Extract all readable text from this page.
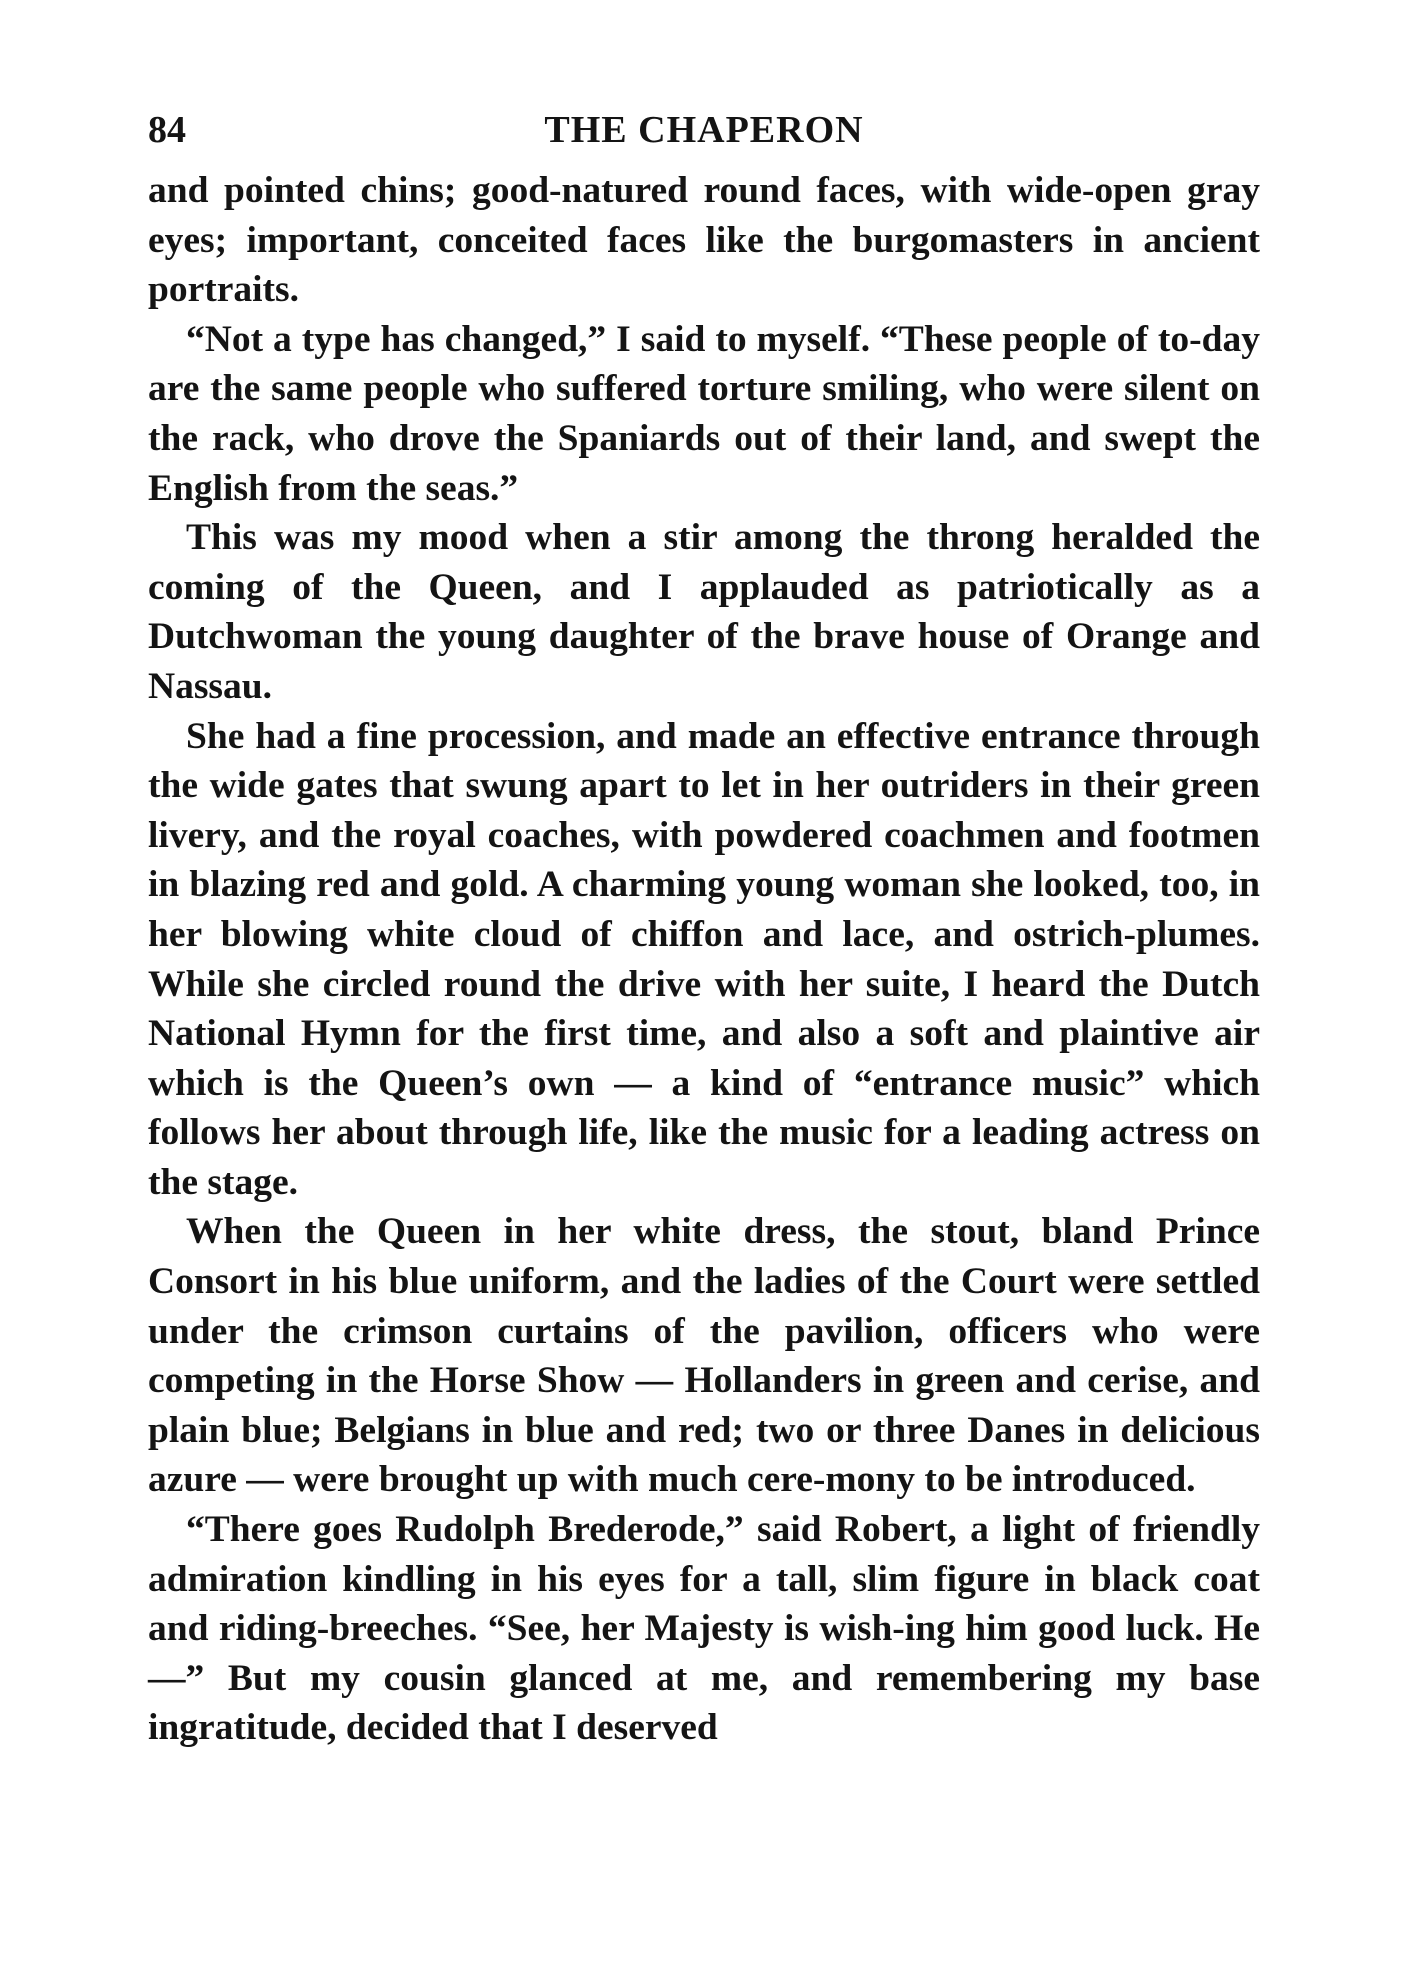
84	THE CHAPERON

and pointed chins; good-natured round faces, with wide-open gray eyes; important, conceited faces like the burgomasters in ancient portraits.

“Not a type has changed,” I said to myself. “These people of to-day are the same people who suffered torture smiling, who were silent on the rack, who drove the Spaniards out of their land, and swept the English from the seas.”

This was my mood when a stir among the throng heralded the coming of the Queen, and I applauded as patriotically as a Dutchwoman the young daughter of the brave house of Orange and Nassau.

She had a fine procession, and made an effective entrance through the wide gates that swung apart to let in her outriders in their green livery, and the royal coaches, with powdered coachmen and footmen in blazing red and gold. A charming young woman she looked, too, in her blowing white cloud of chiffon and lace, and ostrich-plumes. While she circled round the drive with her suite, I heard the Dutch National Hymn for the first time, and also a soft and plaintive air which is the Queen’s own — a kind of “entrance music” which follows her about through life, like the music for a leading actress on the stage.

When the Queen in her white dress, the stout, bland Prince Consort in his blue uniform, and the ladies of the Court were settled under the crimson curtains of the pavilion, officers who were competing in the Horse Show — Hollanders in green and cerise, and plain blue; Belgians in blue and red; two or three Danes in delicious azure — were brought up with much cere-mony to be introduced.

“There goes Rudolph Brederode,” said Robert, a light of friendly admiration kindling in his eyes for a tall, slim figure in black coat and riding-breeches. “See, her Majesty is wish-ing him good luck. He —” But my cousin glanced at me, and remembering my base ingratitude, decided that I deserved
